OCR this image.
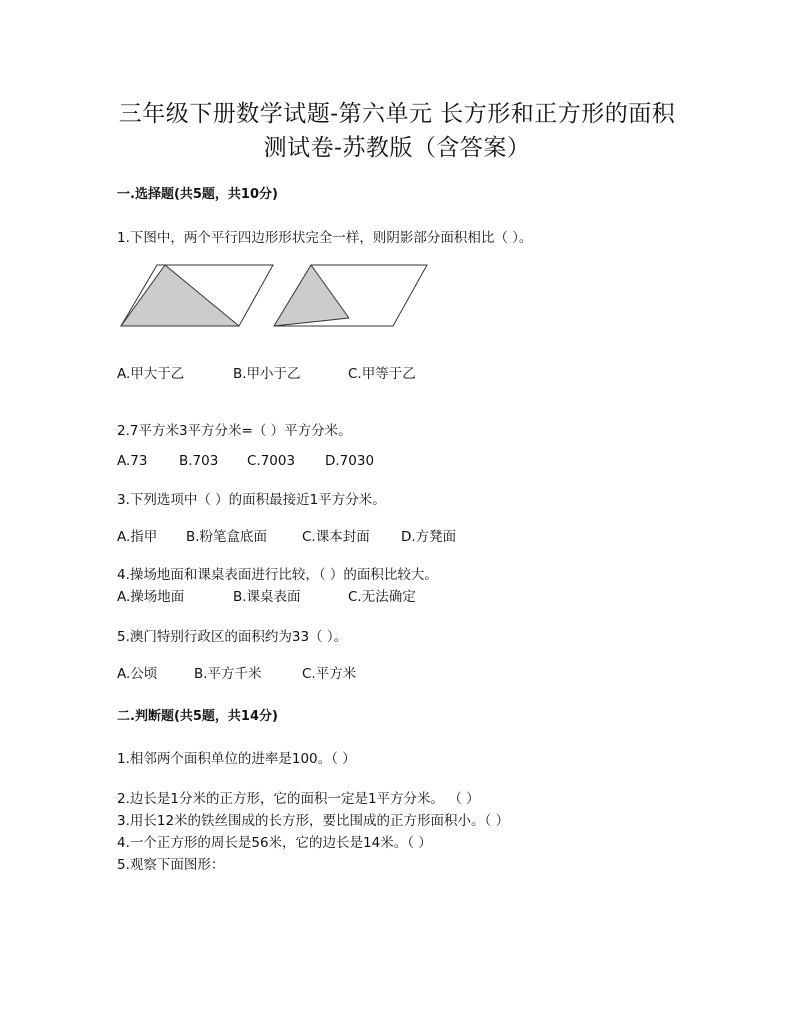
三年级下册数学试题-第六单元 长方形和正方形的面积
测试卷-苏教版（含答案）
一.选择题(共5题，共10分)
1.下图中，两个平行四边形形状完全一样，则阴影部分面积相比（ ）。
A.甲大于乙	B.甲小于乙	C.甲等于乙
2.7平方米3平方分米=（ ）平方分米。
A.73 B.703 C.7003 D.7030
3.下列选项中（ ）的面积最接近1平方分米。
A.指甲 B.粉笔盒底面	C.课本封面 D.方凳面
4.操场地面和课桌表面进行比较，（ ）的面积比较大。
A.操场地面	B.课桌表面	C.无法确定
5.澳门特别行政区的面积约为33（ ）。
A.公顷	B.平方千米	C.平方米
二.判断题(共5题，共14分)
1.相邻两个面积单位的进率是100。（ ）
2.边长是1分米的正方形，它的面积一定是1平方分米。 （ ）
3.用长12米的铁丝围成的长方形，要比围成的正方形面积小。（ ）
4.一个正方形的周长是56米，它的边长是14米。（ ）
5.观察下面图形：
